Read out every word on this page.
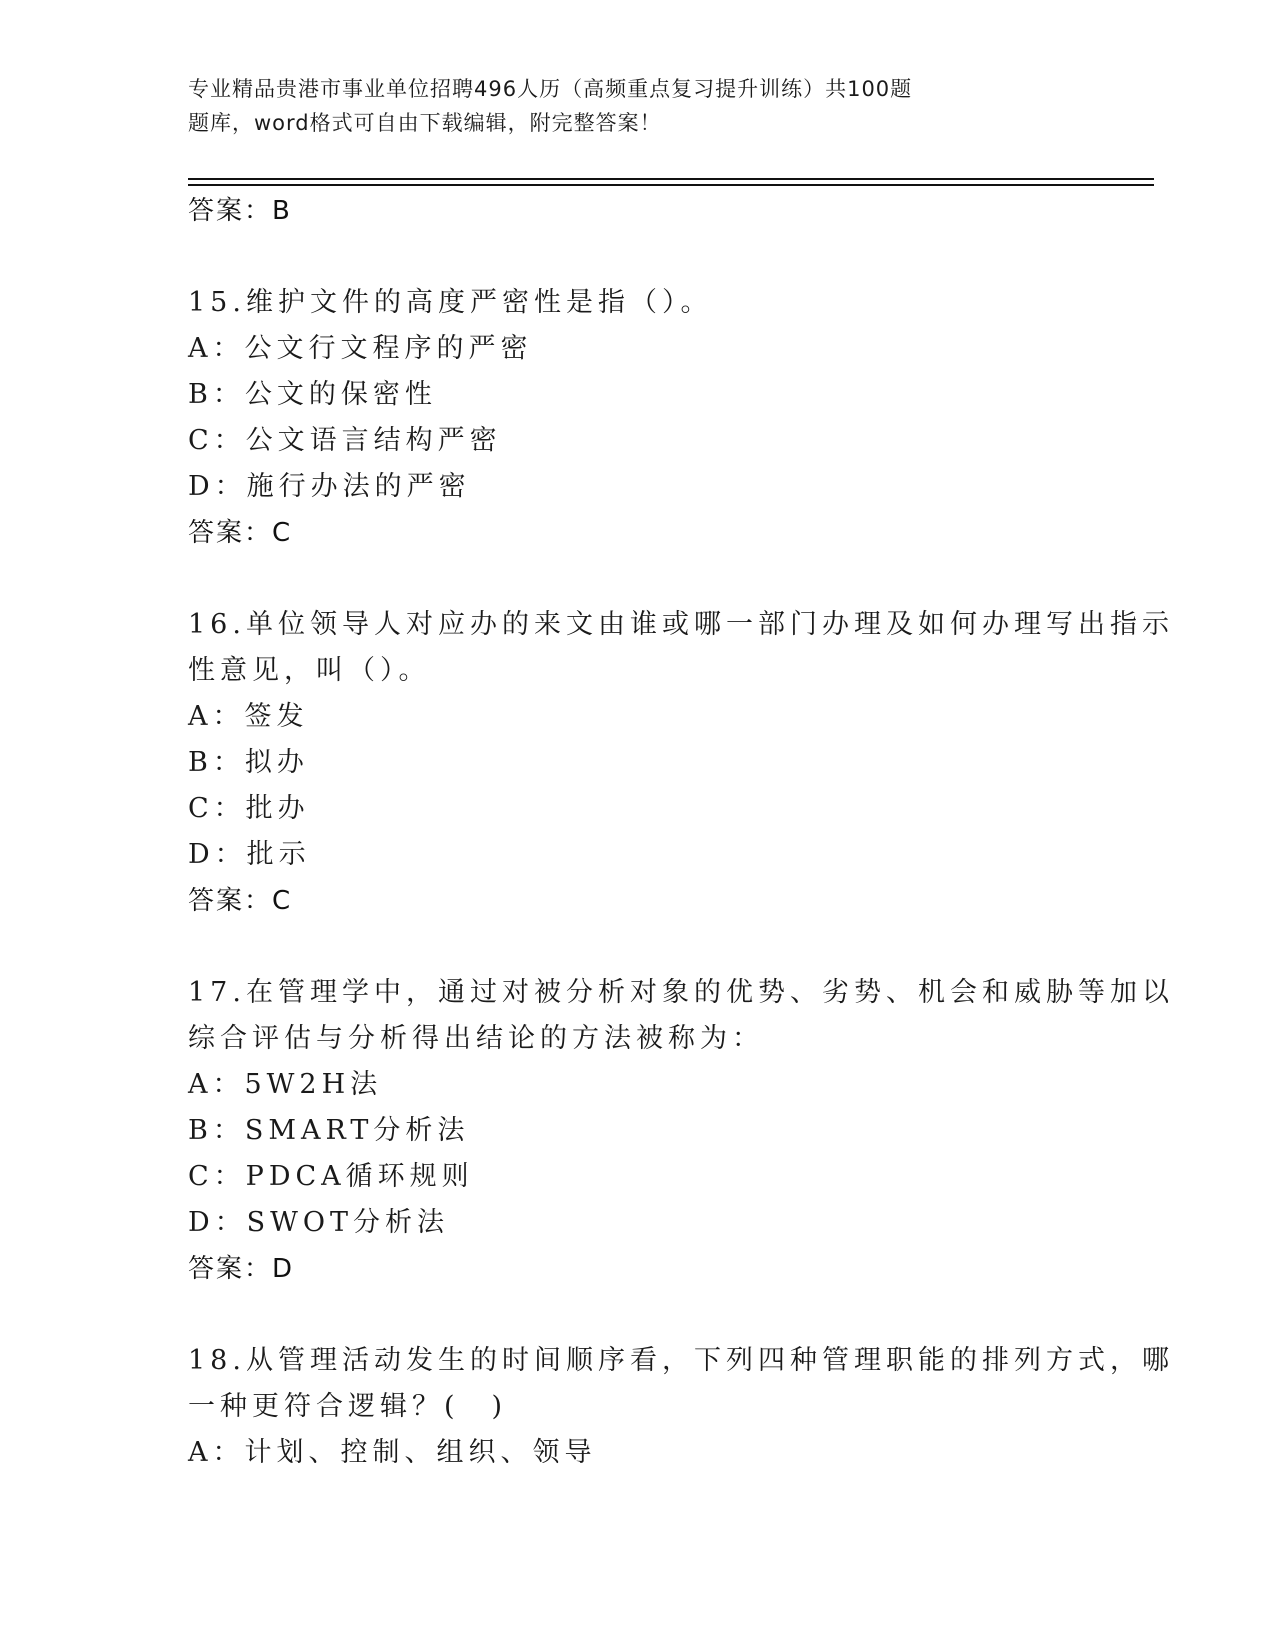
专业精品贵港市事业单位招聘496人历（高频重点复习提升训练）共100题
题库，word格式可自由下载编辑，附完整答案！
答案：B
15.维护文件的高度严密性是指（）。
A：公文行文程序的严密
B：公文的保密性
C：公文语言结构严密
D：施行办法的严密
答案：C
16.单位领导人对应办的来文由谁或哪一部门办理及如何办理写出指示
性意见，叫（）。
A：签发
B：拟办
C：批办
D：批示
答案：C
17.在管理学中，通过对被分析对象的优势、劣势、机会和威胁等加以
综合评估与分析得出结论的方法被称为：
A：5W2H法
B：SMART分析法
C：PDCA循环规则
D：SWOT分析法
答案：D
18.从管理活动发生的时间顺序看，下列四种管理职能的排列方式，哪
一种更符合逻辑？(　)
A：计划、控制、组织、领导
